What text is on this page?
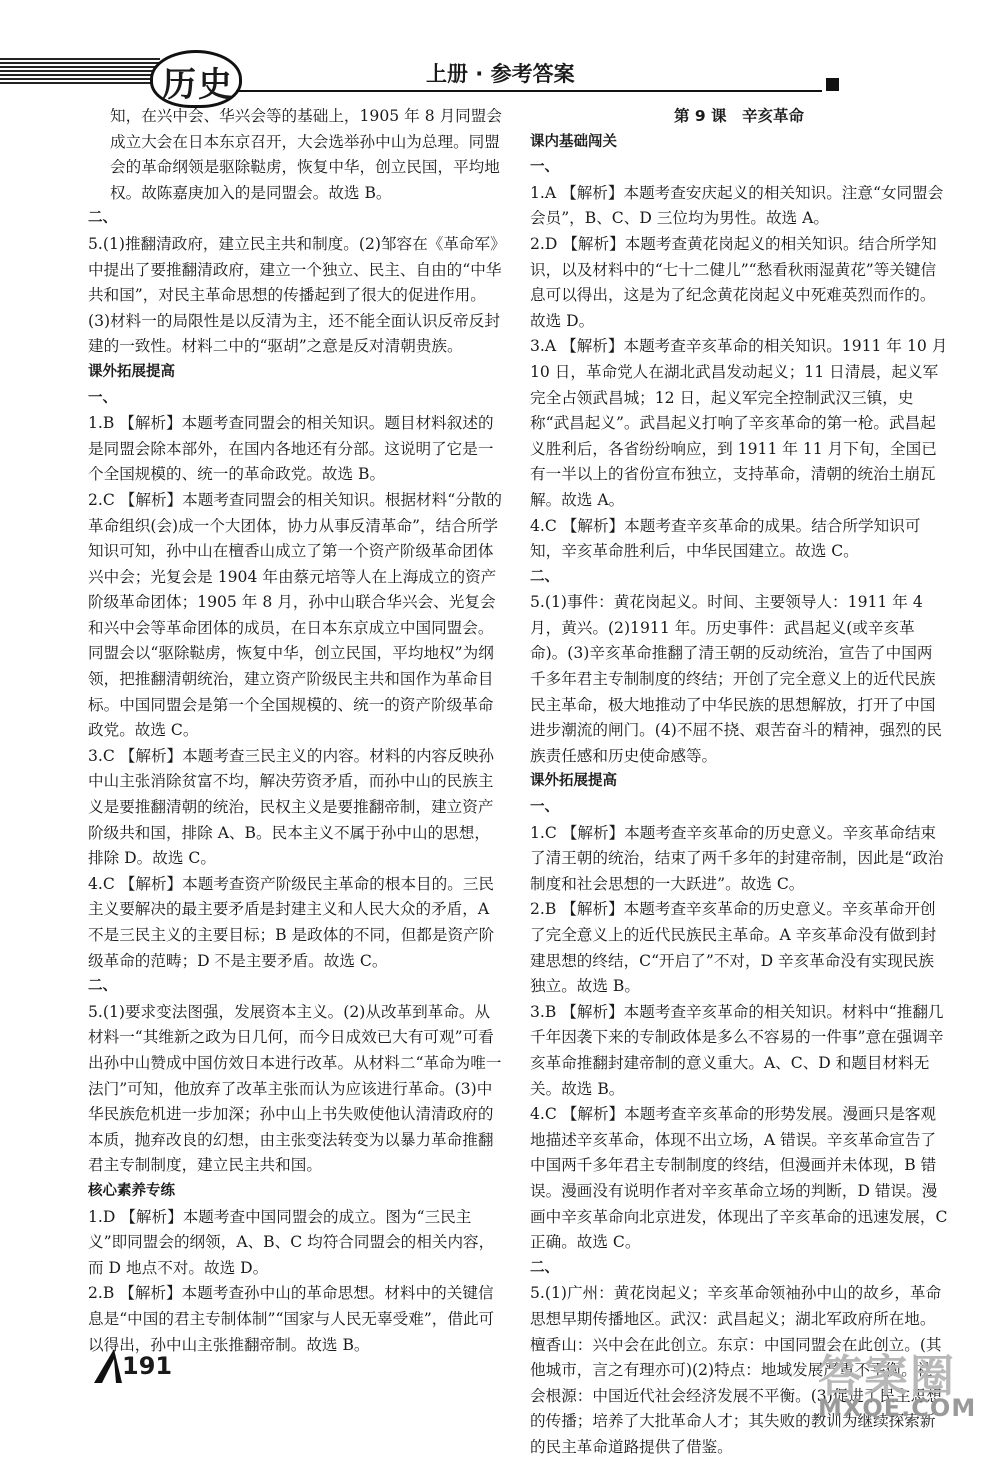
历史	上册 · 参考答案

知，在兴中会、华兴会等的基础上，1905 年 8 月同盟会成立大会在日本东京召开，大会选举孙中山为总理。同盟会的革命纲领是驱除鞑虏，恢复中华，创立民国，平均地权。故陈嘉庚加入的是同盟会。故选 B。

二、

5.(1)推翻清政府，建立民主共和制度。(2)邹容在《革命军》中提出了要推翻清政府，建立一个独立、民主、自由的“中华共和国”，对民主革命思想的传播起到了很大的促进作用。(3)材料一的局限性是以反清为主，还不能全面认识反帝反封建的一致性。材料二中的“驱胡”之意是反对清朝贵族。

课外拓展提高

一、

1.B 【解析】本题考查同盟会的相关知识。题目材料叙述的是同盟会除本部外，在国内各地还有分部。这说明了它是一个全国规模的、统一的革命政党。故选 B。

2.C 【解析】本题考查同盟会的相关知识。根据材料“分散的革命组织(会)成一个大团体，协力从事反清革命”，结合所学知识可知，孙中山在檀香山成立了第一个资产阶级革命团体兴中会；光复会是 1904 年由蔡元培等人在上海成立的资产阶级革命团体；1905 年 8 月，孙中山联合华兴会、光复会和兴中会等革命团体的成员，在日本东京成立中国同盟会。同盟会以“驱除鞑虏，恢复中华，创立民国，平均地权”为纲领，把推翻清朝统治，建立资产阶级民主共和国作为革命目标。中国同盟会是第一个全国规模的、统一的资产阶级革命政党。故选 C。

3.C 【解析】本题考查三民主义的内容。材料的内容反映孙中山主张消除贫富不均，解决劳资矛盾，而孙中山的民族主义是要推翻清朝的统治，民权主义是要推翻帝制，建立资产阶级共和国，排除 A、B。民本主义不属于孙中山的思想，排除 D。故选 C。

4.C 【解析】本题考查资产阶级民主革命的根本目的。三民主义要解决的最主要矛盾是封建主义和人民大众的矛盾，A 不是三民主义的主要目标；B 是政体的不同，但都是资产阶级革命的范畴；D 不是主要矛盾。故选 C。

二、

5.(1)要求变法图强，发展资本主义。(2)从改革到革命。从材料一“其维新之政为日几何，而今日成效已大有可观”可看出孙中山赞成中国仿效日本进行改革。从材料二“革命为唯一法门”可知，他放弃了改革主张而认为应该进行革命。(3)中华民族危机进一步加深；孙中山上书失败使他认清清政府的本质，抛弃改良的幻想，由主张变法转变为以暴力革命推翻君主专制制度，建立民主共和国。

核心素养专练

1.D 【解析】本题考查中国同盟会的成立。图为“三民主义”即同盟会的纲领，A、B、C 均符合同盟会的相关内容，而 D 地点不对。故选 D。

2.B 【解析】本题考查孙中山的革命思想。材料中的关键信息是“中国的君主专制体制”“国家与人民无辜受难”，借此可以得出，孙中山主张推翻帝制。故选 B。

第 9 课　辛亥革命

课内基础闯关

一、

1.A 【解析】本题考查安庆起义的相关知识。注意“女同盟会会员”，B、C、D 三位均为男性。故选 A。

2.D 【解析】本题考查黄花岗起义的相关知识。结合所学知识，以及材料中的“七十二健儿”“愁看秋雨湿黄花”等关键信息可以得出，这是为了纪念黄花岗起义中死难英烈而作的。故选 D。

3.A 【解析】本题考查辛亥革命的相关知识。1911 年 10 月 10 日，革命党人在湖北武昌发动起义；11 日清晨，起义军完全占领武昌城；12 日，起义军完全控制武汉三镇，史称“武昌起义”。武昌起义打响了辛亥革命的第一枪。武昌起义胜利后，各省纷纷响应，到 1911 年 11 月下旬，全国已有一半以上的省份宣布独立，支持革命，清朝的统治土崩瓦解。故选 A。

4.C 【解析】本题考查辛亥革命的成果。结合所学知识可知，辛亥革命胜利后，中华民国建立。故选 C。

二、

5.(1)事件：黄花岗起义。时间、主要领导人：1911 年 4 月，黄兴。(2)1911 年。历史事件：武昌起义(或辛亥革命)。(3)辛亥革命推翻了清王朝的反动统治，宣告了中国两千多年君主专制制度的终结；开创了完全意义上的近代民族民主革命，极大地推动了中华民族的思想解放，打开了中国进步潮流的闸门。(4)不屈不挠、艰苦奋斗的精神，强烈的民族责任感和历史使命感等。

课外拓展提高

一、

1.C 【解析】本题考查辛亥革命的历史意义。辛亥革命结束了清王朝的统治，结束了两千多年的封建帝制，因此是“政治制度和社会思想的一大跃进”。故选 C。

2.B 【解析】本题考查辛亥革命的历史意义。辛亥革命开创了完全意义上的近代民族民主革命。A 辛亥革命没有做到封建思想的终结，C“开启了”不对，D 辛亥革命没有实现民族独立。故选 B。

3.B 【解析】本题考查辛亥革命的相关知识。材料中“推翻几千年因袭下来的专制政体是多么不容易的一件事”意在强调辛亥革命推翻封建帝制的意义重大。A、C、D 和题目材料无关。故选 B。

4.C 【解析】本题考查辛亥革命的形势发展。漫画只是客观地描述辛亥革命，体现不出立场，A 错误。辛亥革命宣告了中国两千多年君主专制制度的终结，但漫画并未体现，B 错误。漫画没有说明作者对辛亥革命立场的判断，D 错误。漫画中辛亥革命向北京进发，体现出了辛亥革命的迅速发展，C 正确。故选 C。

二、

5.(1)广州：黄花岗起义；辛亥革命领袖孙中山的故乡，革命思想早期传播地区。武汉：武昌起义；湖北军政府所在地。檀香山：兴中会在此创立。东京：中国同盟会在此创立。(其他城市，言之有理亦可)(2)特点：地域发展严重不平衡。社会根源：中国近代社会经济发展不平衡。(3)促进了民主思想的传播；培养了大批革命人才；其失败的教训为继续探索新的民主革命道路提供了借鉴。

191	答案圈
MXQE.COM
